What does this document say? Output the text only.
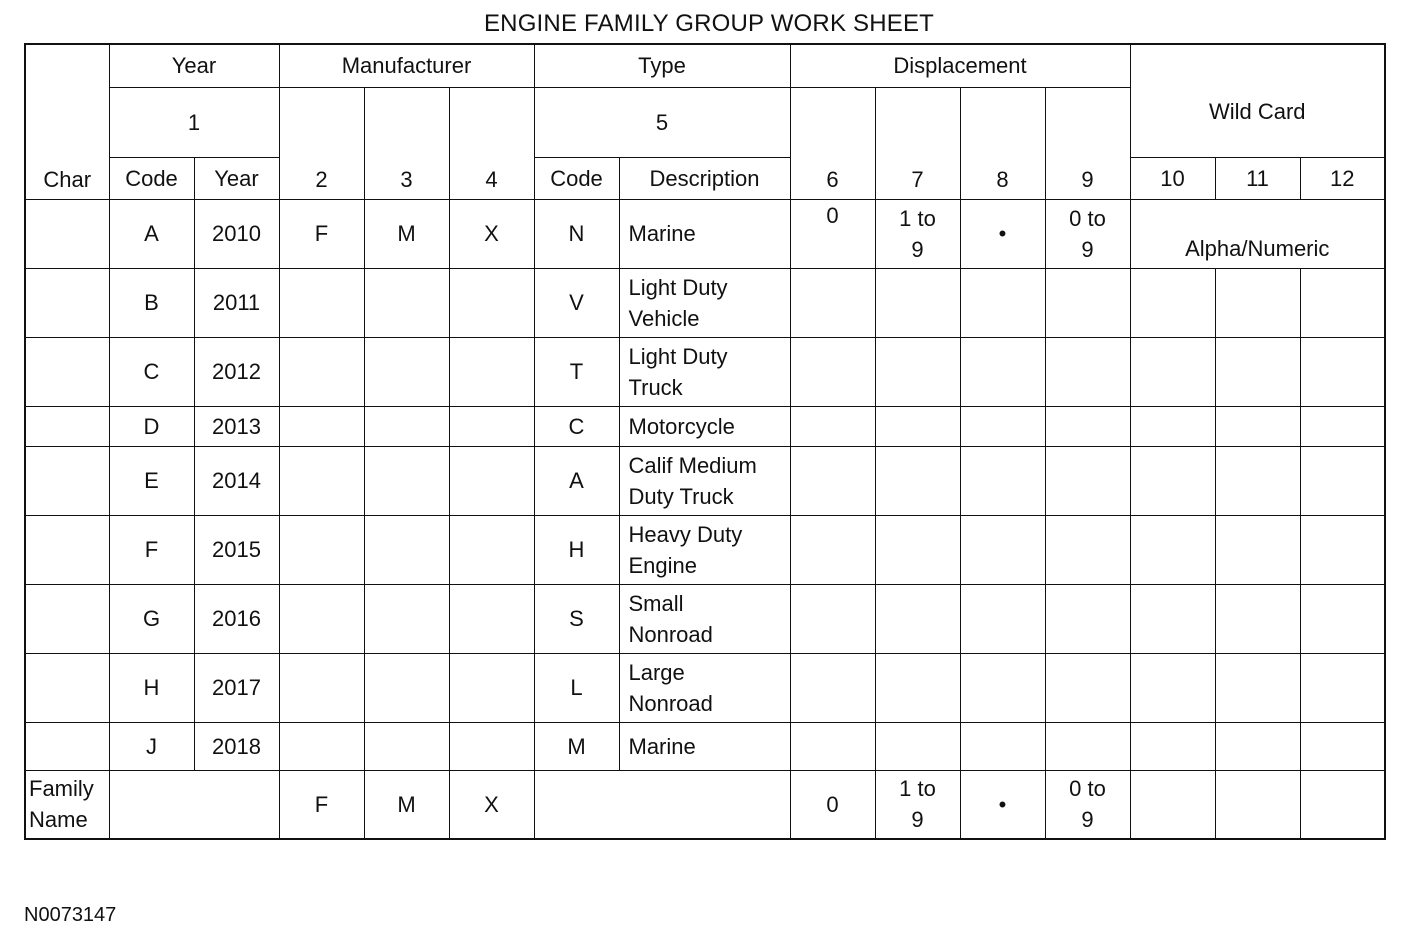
ENGINE FAMILY GROUP WORK SHEET
Char	Year		Manufacturer			Type		Displacement				Wild Card		
	1		2	3	4	5		6	7	8	9			
	Code	Year				Code	Description					10	11	12
	A	2010	F	M	X	N	Marine	0	1 to
9	•	0 to
9	Alpha/Numeric		
	B	2011				V	Light Duty
Vehicle							
	C	2012				T	Light Duty
Truck							
	D	2013				C	Motorcycle							
	E	2014				A	Calif Medium
Duty Truck							
	F	2015				H	Heavy Duty
Engine							
	G	2016				S	Small
Nonroad							
	H	2017				L	Large
Nonroad							
	J	2018				M	Marine							
Family
Name			F	M	X			0	1 to
9	•	0 to
9			
N0073147
